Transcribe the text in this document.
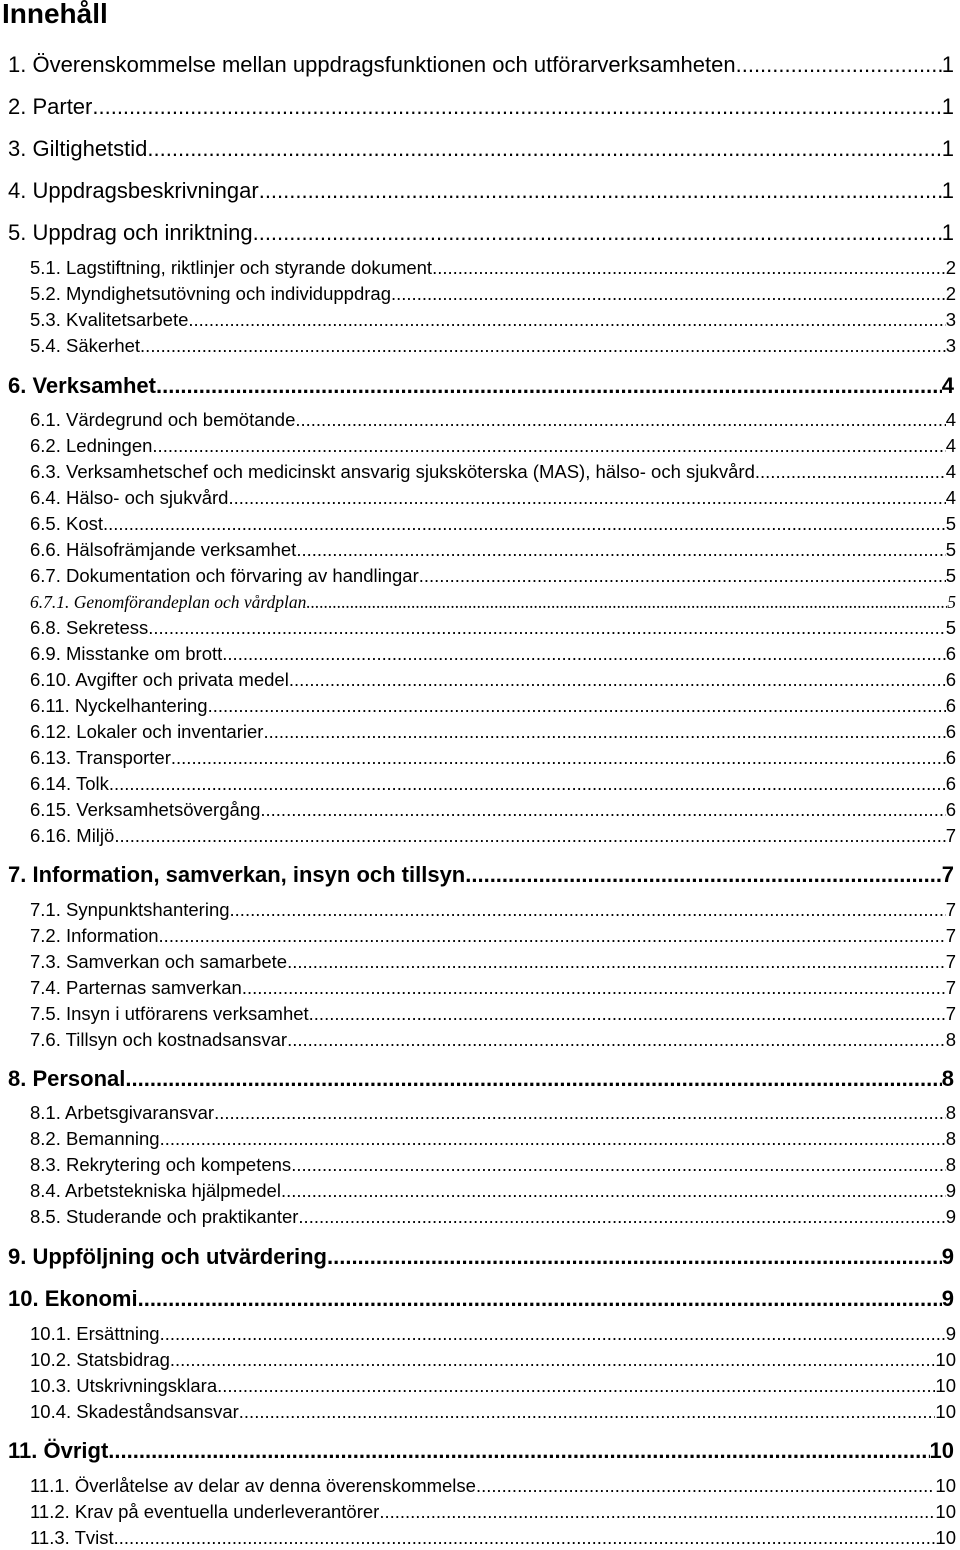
Innehåll
1. Överenskommelse mellan uppdragsfunktionen och utförarverksamheten .....	1
2. Parter .....	1
3. Giltighetstid .....	1
4. Uppdragsbeskrivningar .....	1
5. Uppdrag och inriktning .....	1
5.1. Lagstiftning, riktlinjer och styrande dokument .....	2
5.2. Myndighetsutövning och individuppdrag .....	2
5.3. Kvalitetsarbete .....	3
5.4. Säkerhet .....	3
6. Verksamhet .....	4
6.1. Värdegrund och bemötande .....	4
6.2. Ledningen .....	4
6.3. Verksamhetschef och medicinskt ansvarig sjuksköterska (MAS), hälso- och sjukvård .....	4
6.4. Hälso- och sjukvård .....	4
6.5. Kost .....	5
6.6. Hälsofrämjande verksamhet .....	5
6.7. Dokumentation och förvaring av handlingar .....	5
6.7.1. Genomförandeplan och vårdplan .....	5
6.8. Sekretess .....	5
6.9. Misstanke om brott .....	6
6.10. Avgifter och privata medel .....	6
6.11. Nyckelhantering .....	6
6.12. Lokaler och inventarier .....	6
6.13. Transporter .....	6
6.14. Tolk .....	6
6.15. Verksamhetsövergång .....	6
6.16. Miljö .....	7
7. Information, samverkan, insyn och tillsyn .....	7
7.1. Synpunktshantering .....	7
7.2. Information .....	7
7.3. Samverkan och samarbete .....	7
7.4. Parternas samverkan .....	7
7.5. Insyn i utförarens verksamhet .....	7
7.6. Tillsyn och kostnadsansvar .....	8
8. Personal .....	8
8.1. Arbetsgivaransvar .....	8
8.2. Bemanning .....	8
8.3. Rekrytering och kompetens .....	8
8.4. Arbetstekniska hjälpmedel .....	9
8.5. Studerande och praktikanter .....	9
9. Uppföljning och utvärdering .....	9
10. Ekonomi .....	9
10.1. Ersättning .....	9
10.2. Statsbidrag .....	10
10.3. Utskrivningsklara .....	10
10.4. Skadeståndsansvar .....	10
11. Övrigt .....	10
11.1. Överlåtelse av delar av denna överenskommelse .....	10
11.2. Krav på eventuella underleverantörer .....	10
11.3. Tvist .....	10
